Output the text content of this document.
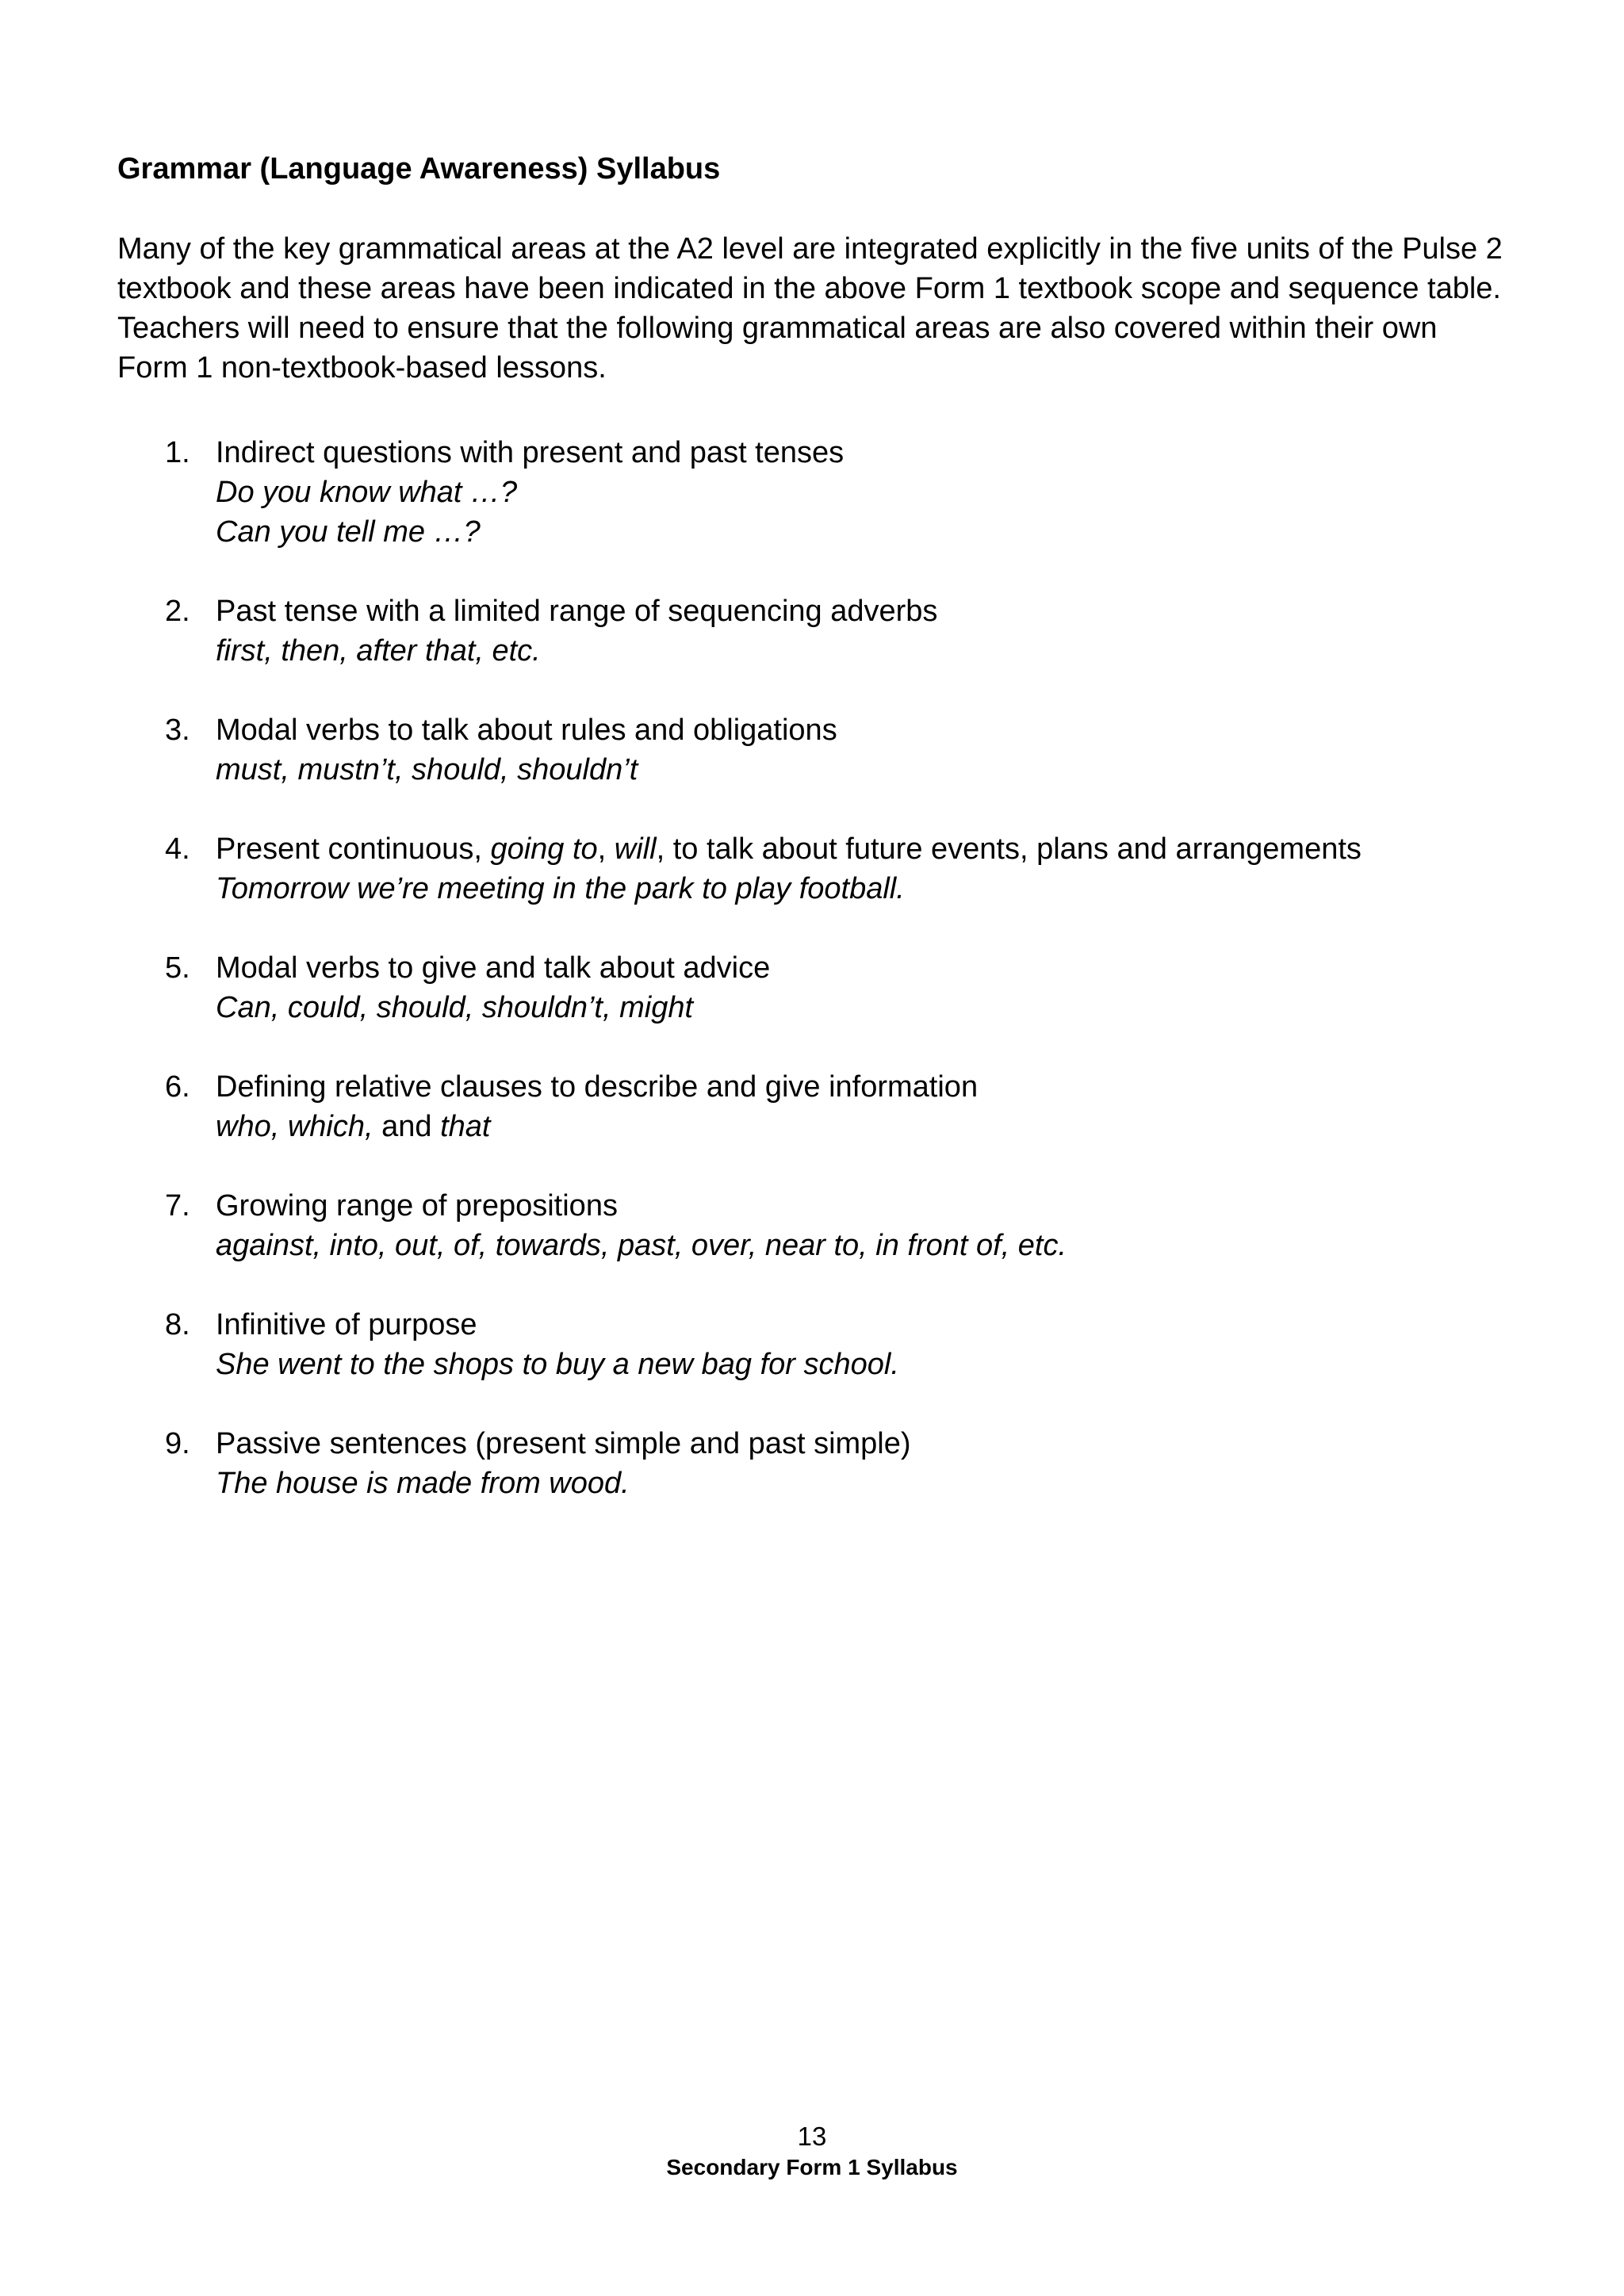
Grammar (Language Awareness) Syllabus

Many of the key grammatical areas at the A2 level are integrated explicitly in the five units of the Pulse 2
textbook and these areas have been indicated in the above Form 1 textbook scope and sequence table.
Teachers will need to ensure that the following grammatical areas are also covered within their own
Form 1 non-textbook-based lessons.

1. Indirect questions with present and past tenses
Do you know what …?
Can you tell me …?
2. Past tense with a limited range of sequencing adverbs
first, then, after that, etc.
3. Modal verbs to talk about rules and obligations
must, mustn’t, should, shouldn’t
4. Present continuous, going to, will, to talk about future events, plans and arrangements
Tomorrow we’re meeting in the park to play football.
5. Modal verbs to give and talk about advice
Can, could, should, shouldn’t, might
6. Defining relative clauses to describe and give information
who, which, and that
7. Growing range of prepositions
against, into, out, of, towards, past, over, near to, in front of, etc.
8. Infinitive of purpose
She went to the shops to buy a new bag for school.
9. Passive sentences (present simple and past simple)
The house is made from wood.
13
Secondary Form 1 Syllabus
